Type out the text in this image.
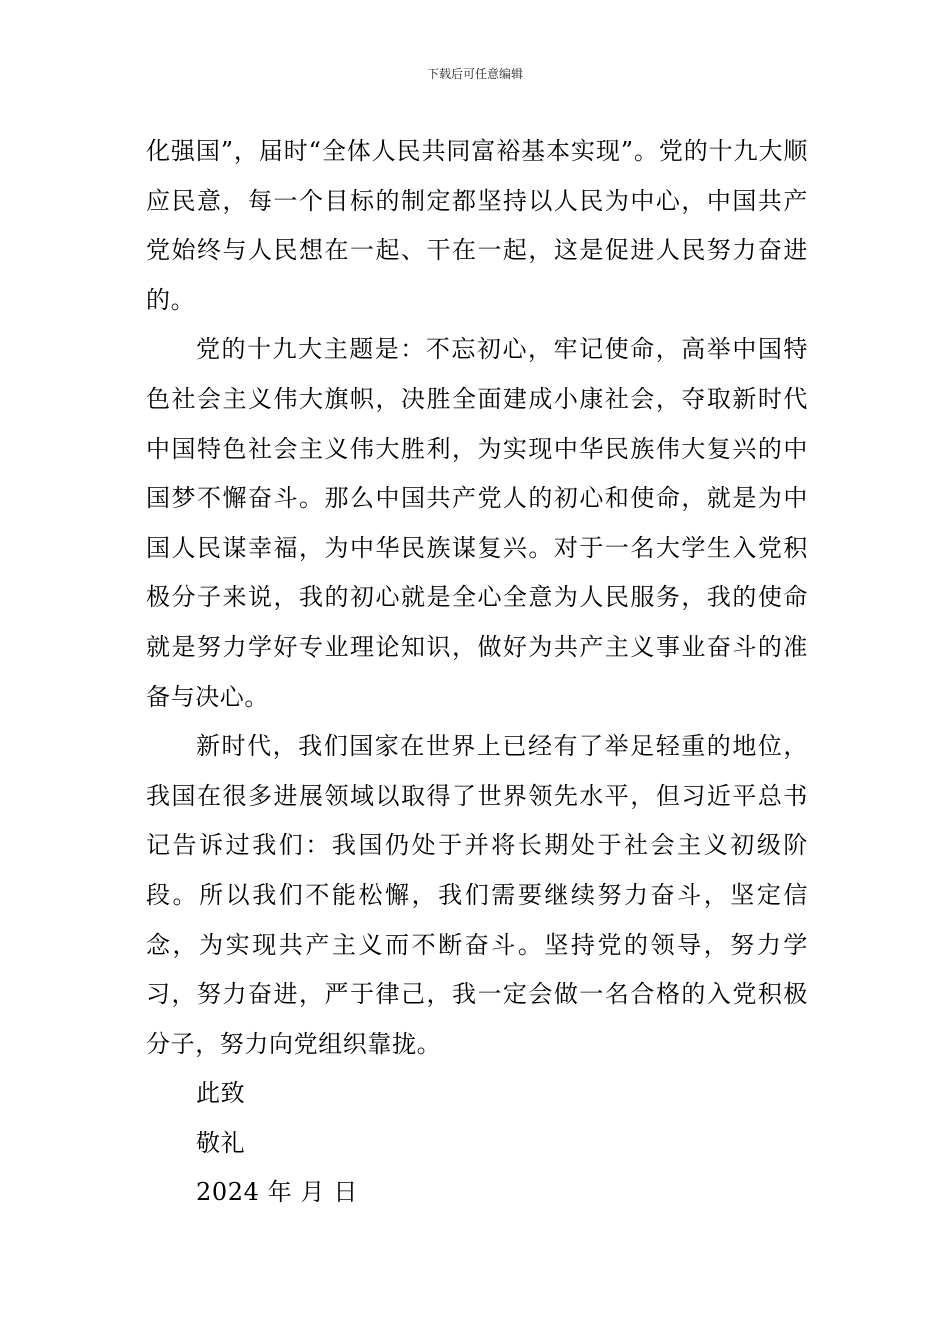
下载后可任意编辑

化强国”，届时“全体人民共同富裕基本实现”。党的十九大顺应民意，每一个目标的制定都坚持以人民为中心，中国共产党始终与人民想在一起、干在一起，这是促进人民努力奋进的。

党的十九大主题是：不忘初心，牢记使命，高举中国特色社会主义伟大旗帜，决胜全面建成小康社会，夺取新时代中国特色社会主义伟大胜利，为实现中华民族伟大复兴的中国梦不懈奋斗。那么中国共产党人的初心和使命，就是为中国人民谋幸福，为中华民族谋复兴。对于一名大学生入党积极分子来说，我的初心就是全心全意为人民服务，我的使命就是努力学好专业理论知识，做好为共产主义事业奋斗的准备与决心。

新时代，我们国家在世界上已经有了举足轻重的地位，我国在很多进展领域以取得了世界领先水平，但习近平总书记告诉过我们：我国仍处于并将长期处于社会主义初级阶段。所以我们不能松懈，我们需要继续努力奋斗，坚定信念，为实现共产主义而不断奋斗。坚持党的领导，努力学习，努力奋进，严于律己，我一定会做一名合格的入党积极分子，努力向党组织靠拢。

此致

敬礼

2024 年 月 日
